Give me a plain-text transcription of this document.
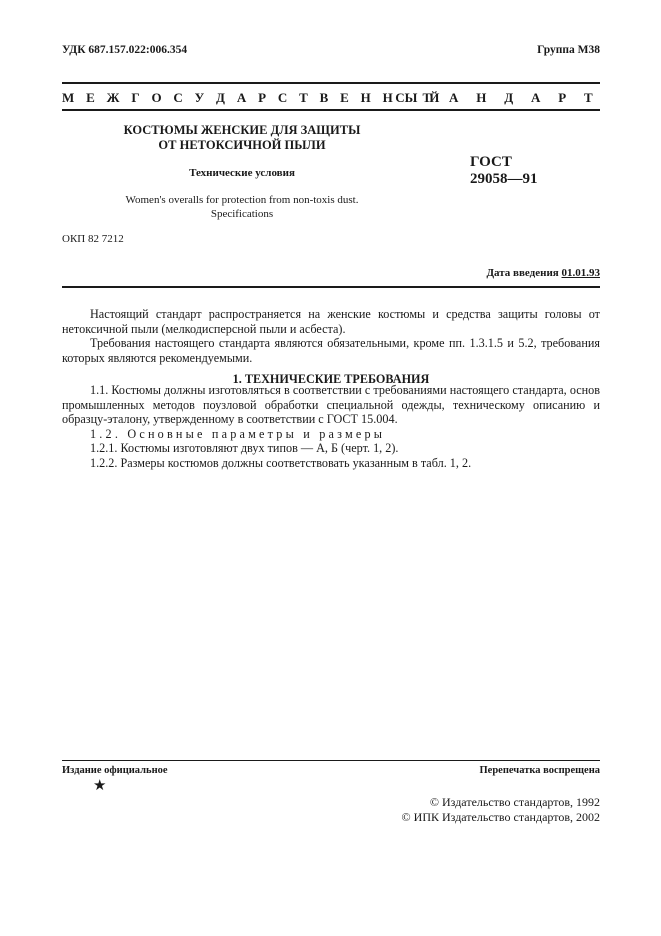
УДК 687.157.022:006.354	Группа М38
М Е Ж Г О С У Д А Р С Т В Е Н Н Ы Й
С Т А Н Д А Р Т
КОСТЮМЫ ЖЕНСКИЕ ДЛЯ ЗАЩИТЫ
ОТ НЕТОКСИЧНОЙ ПЫЛИ
Технические условия
Women's overalls for protection from non-toxis dust.
Specifications
ГОСТ
29058—91
ОКП 82 7212
Дата введения 01.01.93

Настоящий стандарт распространяется на женские костюмы и средства защиты головы от нетоксичной пыли (мелкодисперсной пыли и асбеста).

Требования настоящего стандарта являются обязательными, кроме пп. 1.3.1.5 и 5.2, требования которых являются рекомендуемыми.

1. ТЕХНИЧЕСКИЕ ТРЕБОВАНИЯ

1.1. Костюмы должны изготовляться в соответствии с требованиями настоящего стандарта, основ промышленных методов поузловой обработки специальной одежды, техническому описанию и образцу-эталону, утвержденному в соответствии с ГОСТ 15.004.

1.2. Основные параметры и размеры

1.2.1. Костюмы изготовляют двух типов — А, Б (черт. 1, 2).

1.2.2. Размеры костюмов должны соответствовать указанным в табл. 1, 2.

Издание официальное	Перепечатка воспрещена
★
© Издательство стандартов, 1992
© ИПК Издательство стандартов, 2002
